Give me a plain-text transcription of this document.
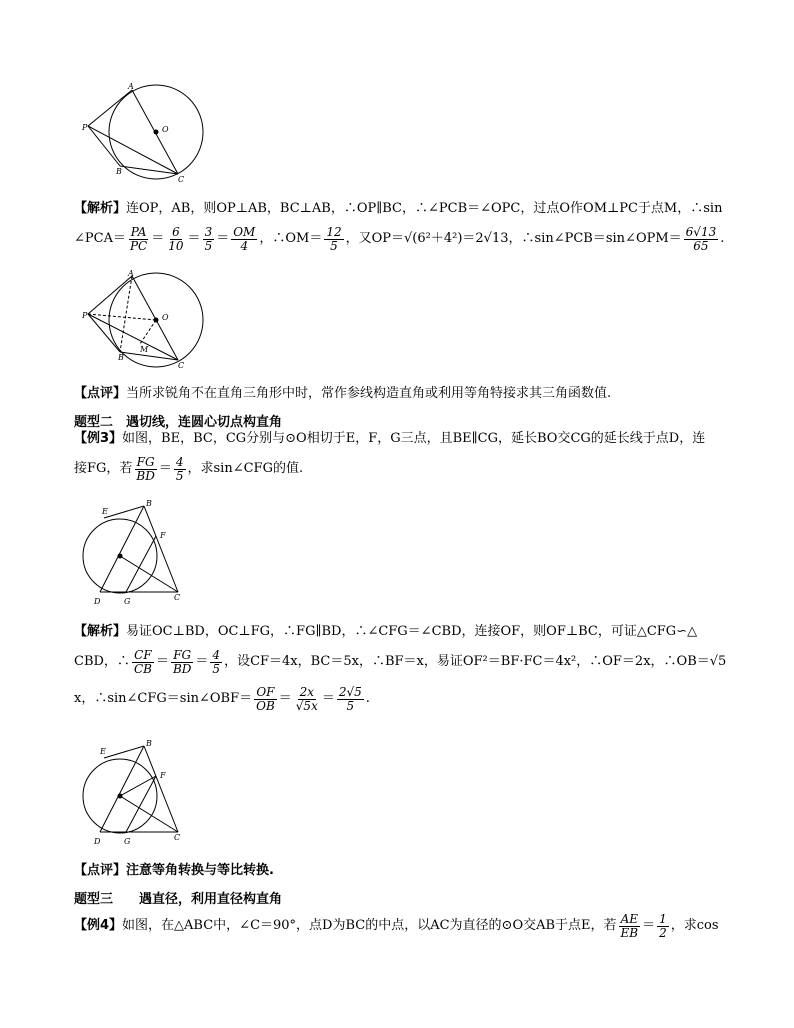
A
O
P
B
C
【解析】 连OP，AB，则OP⊥AB，BC⊥AB，∴OP∥BC，∴∠PCB＝∠OPC，过点O作OM⊥PC于点M，∴sin
∠PCA＝ $\frac{PA}{PC} = \frac{6}{10} = \frac{3}{5} = \frac{OM}{4}$ ，∴OM＝ $\frac{12}{5}$ ，又OP＝√(6²＋4²)＝2√13，∴sin∠PCB＝sin∠OPM＝ $\frac{6√13}{65}$ .
A
O
P
B
M
C
【点评】 当所求锐角不在直角三角形中时，常作参线构造直角或利用等角特接求其三角函数值.
题型二　遇切线，连圆心切点构直角
【例3】 如图，BE，BC，CG分别与⊙O相切于E，F，G三点，且BE∥CG，延长BO交CG的延长线于点D，连
接FG，若 $\frac{FG}{BD} = \frac{4}{5}$ ，求sin∠CFG的值.
B
E
F
D	G	C
【解析】 易证OC⊥BD，OC⊥FG，∴FG∥BD，∴∠CFG＝∠CBD，连接OF，则OF⊥BC，可证△CFG∽△
CBD，∴ $\frac{CF}{CB} = \frac{FG}{BD} = \frac{4}{5}$ ，设CF＝4x，BC＝5x，∴BF＝x，易证OF²＝BF·FC＝4x²，∴OF＝2x，∴OB＝√5
x，∴sin∠CFG＝sin∠OBF＝ $\frac{OF}{OB} = \frac{2x}{√5x} = \frac{2√5}{5}$ .
B
E
F
D	G	C
【点评】 注意等角转换与等比转换.
题型三　　遇直径，利用直径构直角
【例4】 如图，在△ABC中，∠C＝90°，点D为BC的中点，以AC为直径的⊙O交AB于点E，若 $\frac{AE}{EB} = \frac{1}{2}$ ，求cos
